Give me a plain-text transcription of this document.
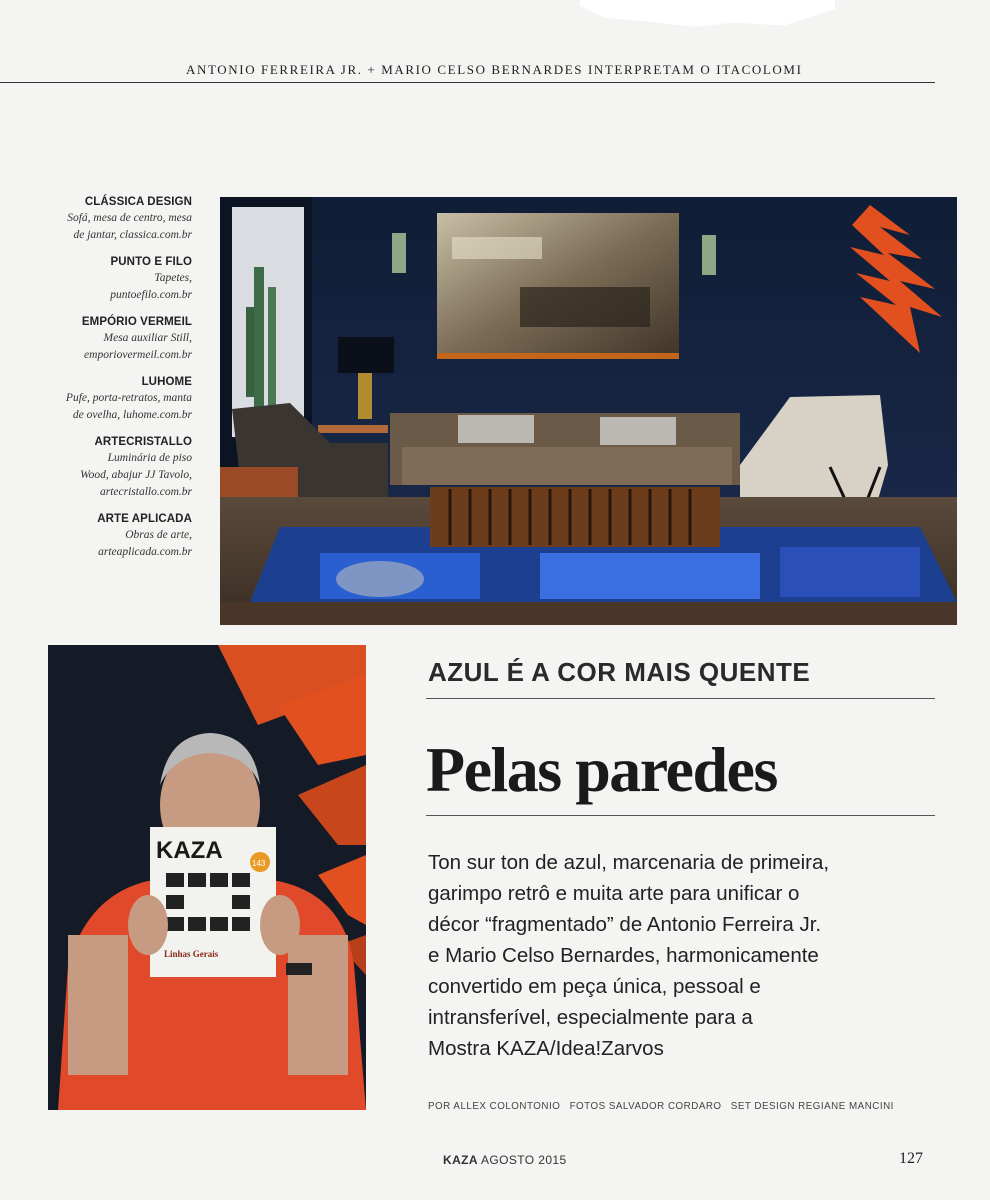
ANTONIO FERREIRA JR. + MARIO CELSO BERNARDES INTERPRETAM O ITACOLOMI
CLÁSSICA DESIGN
Sofá, mesa de centro, mesa
de jantar, classica.com.br
PUNTO E FILO
Tapetes,
puntoefilo.com.br
EMPÓRIO VERMEIL
Mesa auxiliar Still,
emporiovermeil.com.br
LUHOME
Pufe, porta-retratos, manta
de ovelha, luhome.com.br
ARTECRISTALLO
Luminária de piso
Wood, abajur JJ Tavolo,
artecristallo.com.br
ARTE APLICADA
Obras de arte,
arteaplicada.com.br
KAZA	143
Linhas Gerais
AZUL É A COR MAIS QUENTE
Pelas paredes
Ton sur ton de azul, marcenaria de primeira,
garimpo retrô e muita arte para unificar o
décor “fragmentado” de Antonio Ferreira Jr.
e Mario Celso Bernardes, harmonicamente
convertido em peça única, pessoal e
intransferível, especialmente para a
Mostra KAZA/Idea!Zarvos
POR ALLEX COLONTONIO FOTOS SALVADOR CORDARO SET DESIGN REGIANE MANCINI
KAZA AGOSTO 2015	127
